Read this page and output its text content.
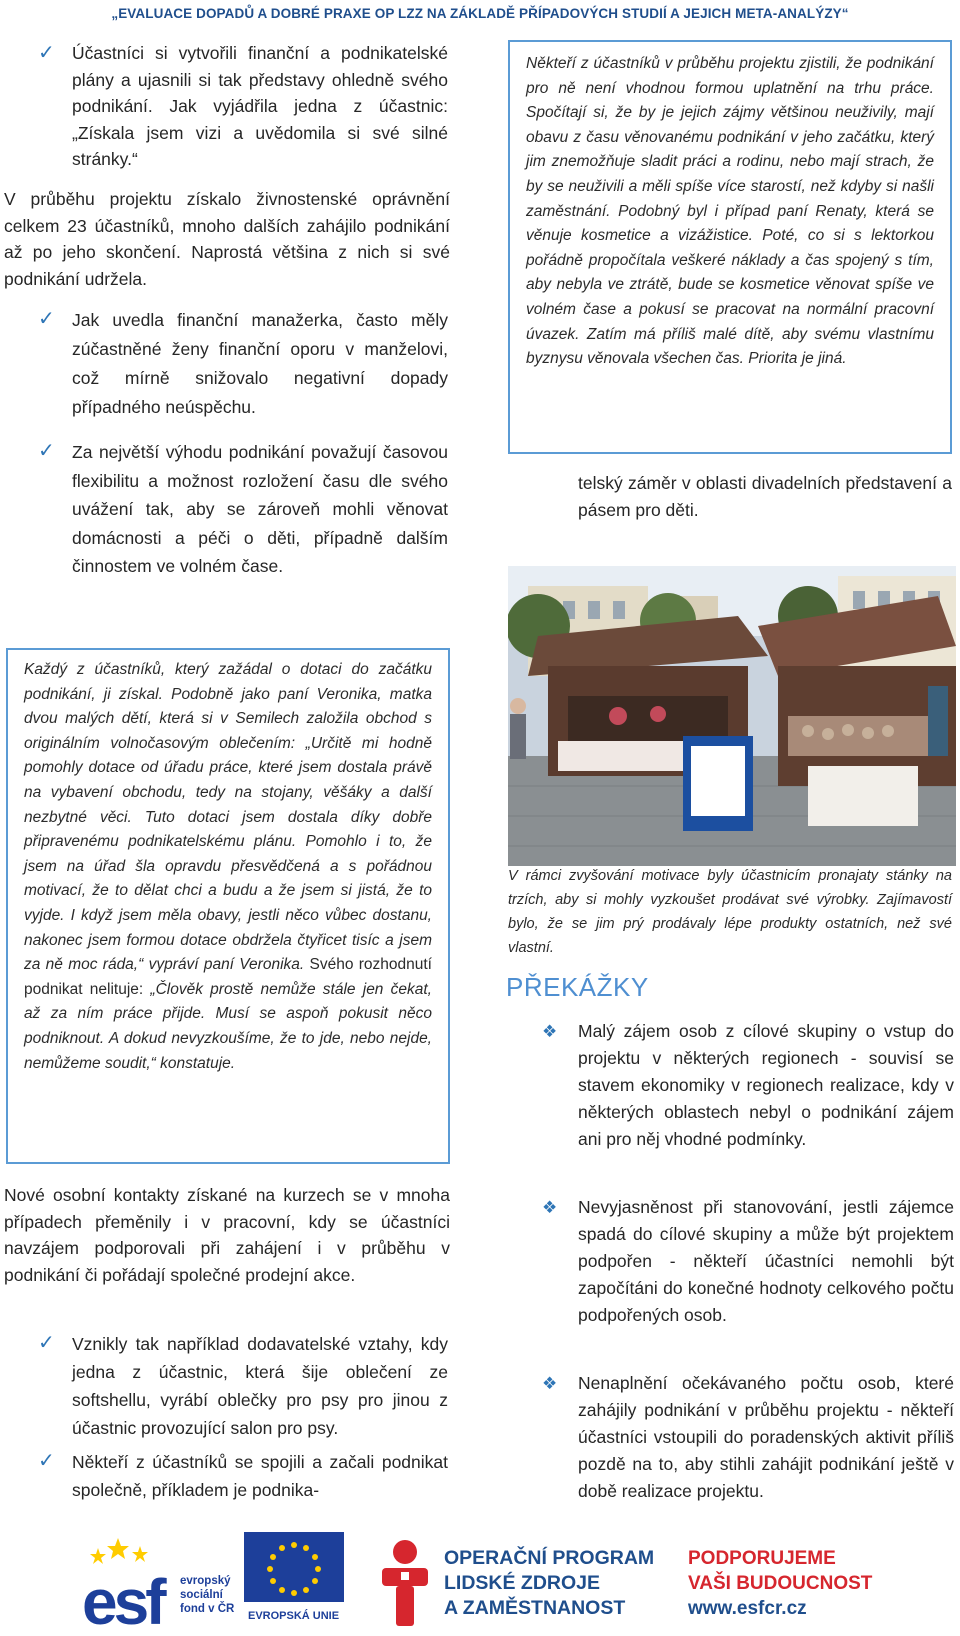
„EVALUACE DOPADŮ A DOBRÉ PRAXE OP LZZ NA ZÁKLADĚ PŘÍPADOVÝCH STUDIÍ A JEJICH META-ANALÝZY“
✓ Účastníci si vytvořili finanční a podnikatelské plány a ujasnili si tak představy ohledně svého podnikání. Jak vyjádřila jedna z účastnic: „Získala jsem vizi a uvědomila si své silné stránky.“
V průběhu projektu získalo živnostenské oprávnění celkem 23 účastníků, mnoho dalších zahájilo podnikání až po jeho skončení. Naprostá většina z nich si své podnikání udržela.
✓ Jak uvedla finanční manažerka, často měly zúčastněné ženy finanční oporu v manželovi, což mírně snižovalo negativní dopady případného neúspěchu.
✓ Za největší výhodu podnikání považují časovou flexibilitu a možnost rozložení času dle svého uvážení tak, aby se zároveň mohli věnovat domácnosti a péči o děti, případně dalším činnostem ve volném čase.
Každý z účastníků, který zažádal o dotaci do začátku podnikání, ji získal. Podobně jako paní Veronika, matka dvou malých dětí, která si v Semilech založila obchod s originálním volnočasovým oblečením: „Určitě mi hodně pomohly dotace od úřadu práce, které jsem dostala právě na vybavení obchodu, tedy na stojany, věšáky a další nezbytné věci. Tuto dotaci jsem dostala díky dobře připravenému podnikatelskému plánu. Pomohlo i to, že jsem na úřad šla opravdu přesvědčená a s pořádnou motivací, že to dělat chci a budu a že jsem si jistá, že to vyjde. I když jsem měla obavy, jestli něco vůbec dostanu, nakonec jsem formou dotace obdržela čtyřicet tisíc a jsem za ně moc ráda,“ vypráví paní Veronika. Svého rozhodnutí podnikat nelituje: „Člověk prostě nemůže stále jen čekat, až za ním práce přijde. Musí se aspoň pokusit něco podniknout. A dokud nevyzkoušíme, že to jde, nebo nejde, nemůžeme soudit,“ konstatuje.
Nové osobní kontakty získané na kurzech se v mnoha případech přeměnily i v pracovní, kdy se účastníci navzájem podporovali při zahájení i v průběhu v podnikání či pořádají společné prodejní akce.
✓ Vznikly tak například dodavatelské vztahy, kdy jedna z účastnic, která šije oblečení ze softshellu, vyrábí oblečky pro psy pro jinou z účastnic provozující salon pro psy.
✓ Někteří z účastníků se spojili a začali podnikat společně, příkladem je podnika-
Někteří z účastníků v průběhu projektu zjistili, že podnikání pro ně není vhodnou formou uplatnění na trhu práce. Spočítají si, že by je jejich zájmy většinou neuživily, mají obavu z času věnovanému podnikání v jeho začátku, který jim znemožňuje sladit práci a rodinu, nebo mají strach, že by se neuživili a měli spíše více starostí, než kdyby si našli zaměstnání. Podobný byl i případ paní Renaty, která se věnuje kosmetice a vizážistice. Poté, co si s lektorkou pořádně propočítala veškeré náklady a čas spojený s tím, aby nebyla ve ztrátě, bude se kosmetice věnovat spíše ve volném čase a pokusí se pracovat na normální pracovní úvazek. Zatím má příliš malé dítě, aby svému vlastnímu byznysu věnovala všechen čas. Priorita je jiná.
telský záměr v oblasti divadelních představení a pásem pro děti.
V rámci zvyšování motivace byly účastnicím pronajaty stánky na trzích, aby si mohly vyzkoušet prodávat své výrobky. Zajímavostí bylo, že se jim prý prodávaly lépe produkty ostatních, než své vlastní.
PŘEKÁŽKY
❖	Malý zájem osob z cílové skupiny o vstup do projektu v některých regionech - souvisí se stavem ekonomiky v regionech realizace, kdy v některých oblastech nebyl o podnikání zájem ani pro něj vhodné podmínky.
❖	Nevyjasněnost při stanovování, jestli zájemce spadá do cílové skupiny a může být projektem podpořen - někteří účastníci nemohli být započítáni do konečné hodnoty celkového počtu podpořených osob.
❖	Nenaplnění očekávaného počtu osob, které zahájily podnikání v průběhu projektu - někteří účastníci vstoupili do poradenských aktivit příliš pozdě na to, aby stihli zahájit podnikání ještě v době realizace projektu.
esf	evropský
sociální
fond v ČR
EVROPSKÁ UNIE
OPERAČNÍ PROGRAM
LIDSKÉ ZDROJE
A ZAMĚSTNANOST
PODPORUJEME
VAŠI BUDOUCNOST
www.esfcr.cz
